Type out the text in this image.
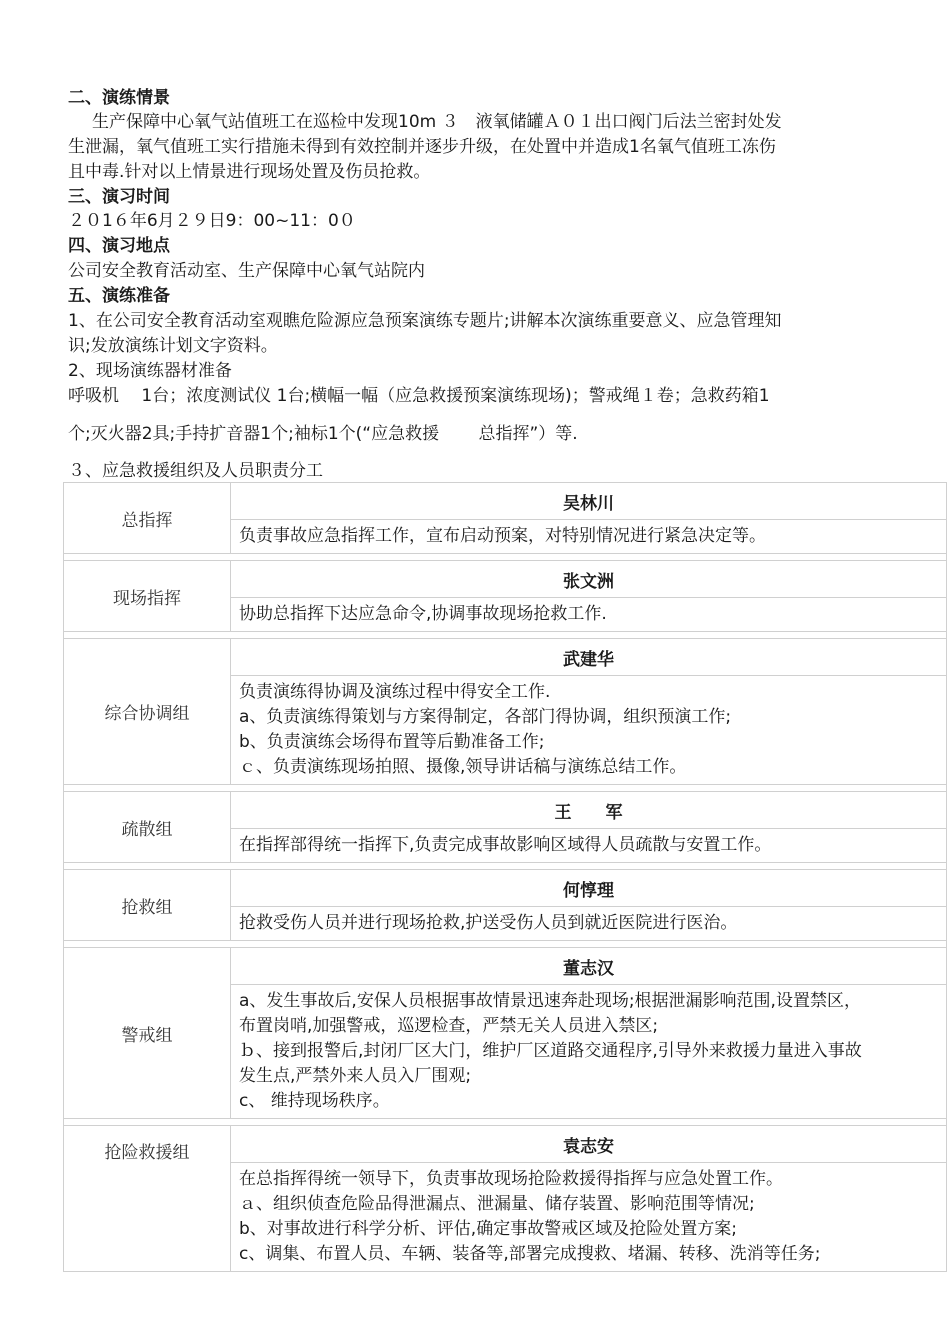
二、演练情景
生产保障中心氧气站值班工在巡检中发现10m ３　液氧储罐Ａ０１出口阀门后法兰密封处发
生泄漏，氧气值班工实行措施未得到有效控制并逐步升级，在处置中并造成1名氧气值班工冻伤
且中毒.针对以上情景进行现场处置及伤员抢救。
三、演习时间
２０1６年6月２９日9：00~11：0０
四、演习地点
公司安全教育活动室、生产保障中心氧气站院内
五、演练准备
1、在公司安全教育活动室观瞧危险源应急预案演练专题片;讲解本次演练重要意义、应急管理知
识;发放演练计划文字资料。
2、现场演练器材准备
呼吸机　 1台；浓度测试仪 1台;横幅一幅（应急救援预案演练现场)；警戒绳１卷；急救药箱1
个;灭火器2具;手持扩音器1个;袖标1个(“应急救援　　 总指挥”）等.
３、应急救援组织及人员职责分工
总指挥	吴林川

	负责事故应急指挥工作，宣布启动预案，对特别情况进行紧急决定等。

现场指挥	张文洲

	协助总指挥下达应急命令,协调事故现场抢救工作.

综合协调组	武建华

	负责演练得协调及演练过程中得安全工作.
a、负责演练得策划与方案得制定，各部门得协调，组织预演工作;
b、负责演练会场得布置等后勤准备工作;
ｃ、负责演练现场拍照、摄像,领导讲话稿与演练总结工作。

疏散组	王　　军

	在指挥部得统一指挥下,负责完成事故影响区域得人员疏散与安置工作。

抢救组	何惇理

	抢救受伤人员并进行现场抢救,护送受伤人员到就近医院进行医治。

警戒组	董志汉

	a、发生事故后,安保人员根据事故情景迅速奔赴现场;根据泄漏影响范围,设置禁区，
布置岗哨,加强警戒，巡逻检查，严禁无关人员进入禁区;
ｂ、接到报警后,封闭厂区大门，维护厂区道路交通程序,引导外来救援力量进入事故
发生点,严禁外来人员入厂围观;
c、 维持现场秩序。

抢险救援组	袁志安

	在总指挥得统一领导下，负责事故现场抢险救援得指挥与应急处置工作。
ａ、组织侦查危险品得泄漏点、泄漏量、储存装置、影响范围等情况;
b、对事故进行科学分析、评估,确定事故警戒区域及抢险处置方案;
c、调集、布置人员、车辆、装备等,部署完成搜救、堵漏、转移、洗消等任务;
